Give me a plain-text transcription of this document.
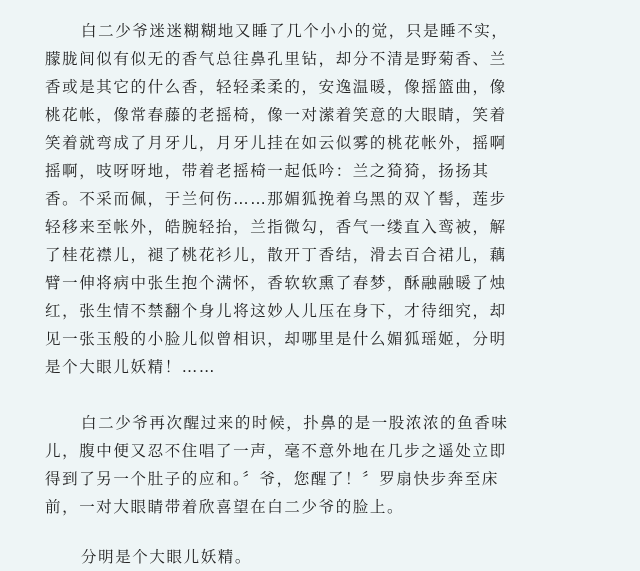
白二少爷迷迷糊糊地又睡了几个小小的觉，只是睡不实，
朦胧间似有似无的香气总往鼻孔里钻，却分不清是野菊香、兰
香或是其它的什么香，轻轻柔柔的，安逸温暖，像摇篮曲，像
桃花帐，像常春藤的老摇椅，像一对潆着笑意的大眼睛，笑着
笑着就弯成了月牙儿，月牙儿挂在如云似雾的桃花帐外，摇啊
摇啊，吱呀呀地，带着老摇椅一起低吟：兰之猗猗，扬扬其
香。不采而佩，于兰何伤……那媚狐挽着乌黑的双丫髻，莲步
轻移来至帐外，皓腕轻抬，兰指微勾，香气一缕直入鸾被，解
了桂花襟儿，褪了桃花衫儿，散开丁香结，滑去百合裙儿，藕
臂一伸将病中张生抱个满怀，香软软熏了春梦，酥融融暖了烛
红，张生情不禁翻个身儿将这妙人儿压在身下，才待细究，却
见一张玉般的小脸儿似曾相识，却哪里是什么媚狐瑶姬，分明
是个大眼儿妖精！……
白二少爷再次醒过来的时候，扑鼻的是一股浓浓的鱼香味
儿，腹中便又忍不住唱了一声，毫不意外地在几步之遥处立即
得到了另一个肚子的应和。〞爷，您醒了！〞罗扇快步奔至床
前，一对大眼睛带着欣喜望在白二少爷的脸上。
分明是个大眼儿妖精。
